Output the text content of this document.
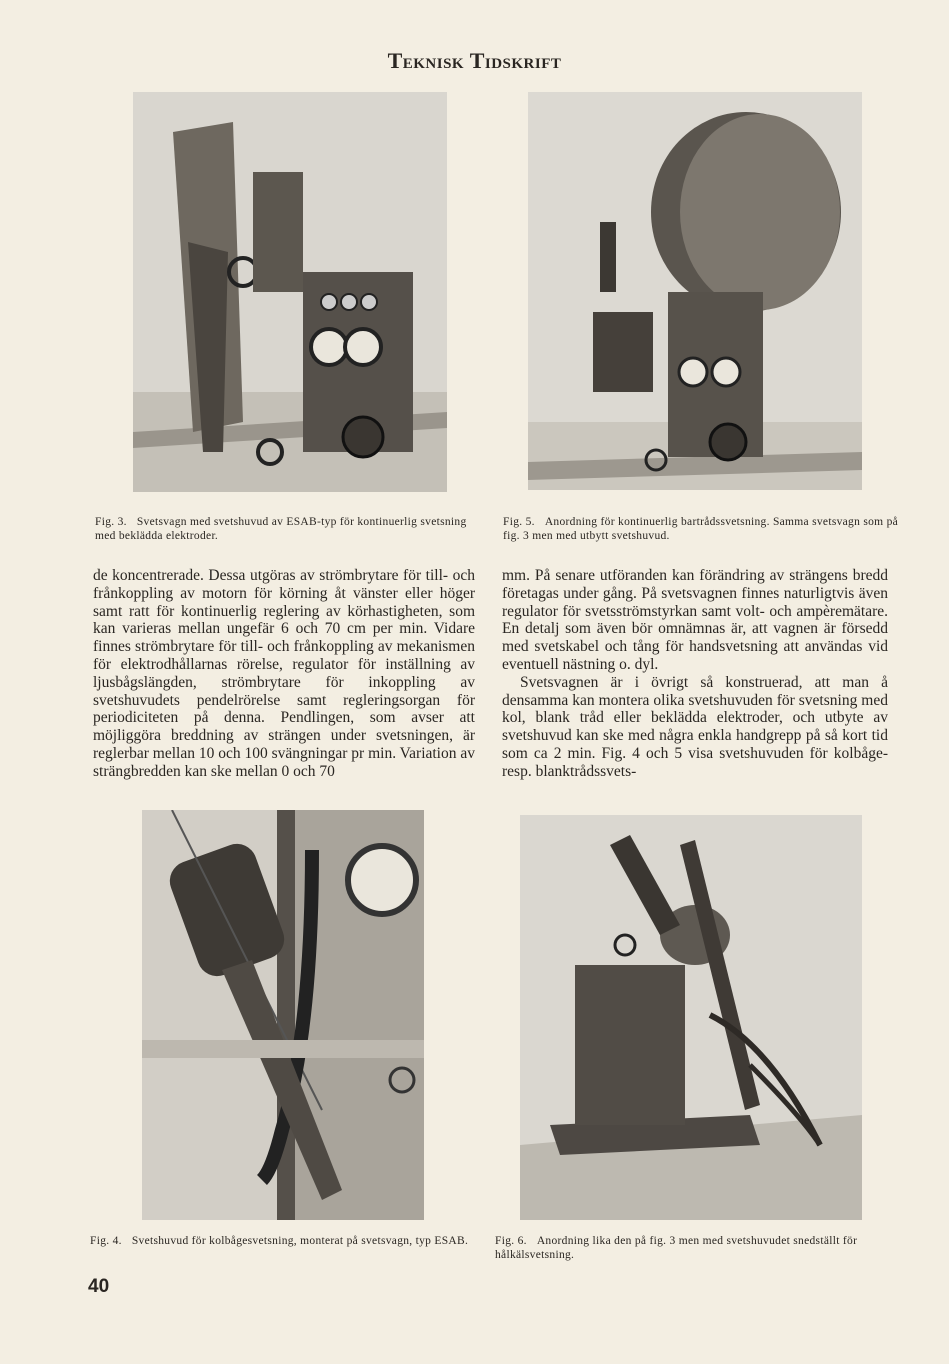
Teknisk Tidskrift
Fig. 3. Svetsvagn med svetshuvud av ESAB-typ för kontinuerlig svetsning med beklädda elektroder.
Fig. 5. Anordning för kontinuerlig bartrådssvetsning. Samma svetsvagn som på fig. 3 men med utbytt svetshuvud.

de koncentrerade. Dessa utgöras av strömbrytare för till- och frånkoppling av motorn för körning åt vänster eller höger samt ratt för kontinuerlig reglering av körhastigheten, som kan varieras mellan ungefär 6 och 70 cm per min. Vidare finnes strömbrytare för till- och frånkoppling av mekanismen för elektrodhållarnas rörelse, regulator för inställning av ljusbågslängden, strömbrytare för inkoppling av svetshuvudets pendelrörelse samt regleringsorgan för periodiciteten på denna. Pendlingen, som avser att möjliggöra breddning av strängen under svetsningen, är reglerbar mellan 10 och 100 svängningar pr min. Variation av strängbredden kan ske mellan 0 och 70

mm. På senare utföranden kan förändring av strängens bredd företagas under gång. På svetsvagnen finnes naturligtvis även regulator för svetsströmstyrkan samt volt- och ampèremätare. En detalj som även bör omnämnas är, att vagnen är försedd med svetskabel och tång för handsvetsning att användas vid eventuell nästning o. dyl.

Svetsvagnen är i övrigt så konstruerad, att man å densamma kan montera olika svetshuvuden för svetsning med kol, blank tråd eller beklädda elektroder, och utbyte av svetshuvud kan ske med några enkla handgrepp på så kort tid som ca 2 min. Fig. 4 och 5 visa svetshuvuden för kolbåge- resp. blanktrådssvets-

Fig. 4. Svetshuvud för kolbågesvetsning, monterat på svetsvagn, typ ESAB.	Fig. 6. Anordning lika den på fig. 3 men med svetshuvudet snedställt för hålkälsvetsning.
40
